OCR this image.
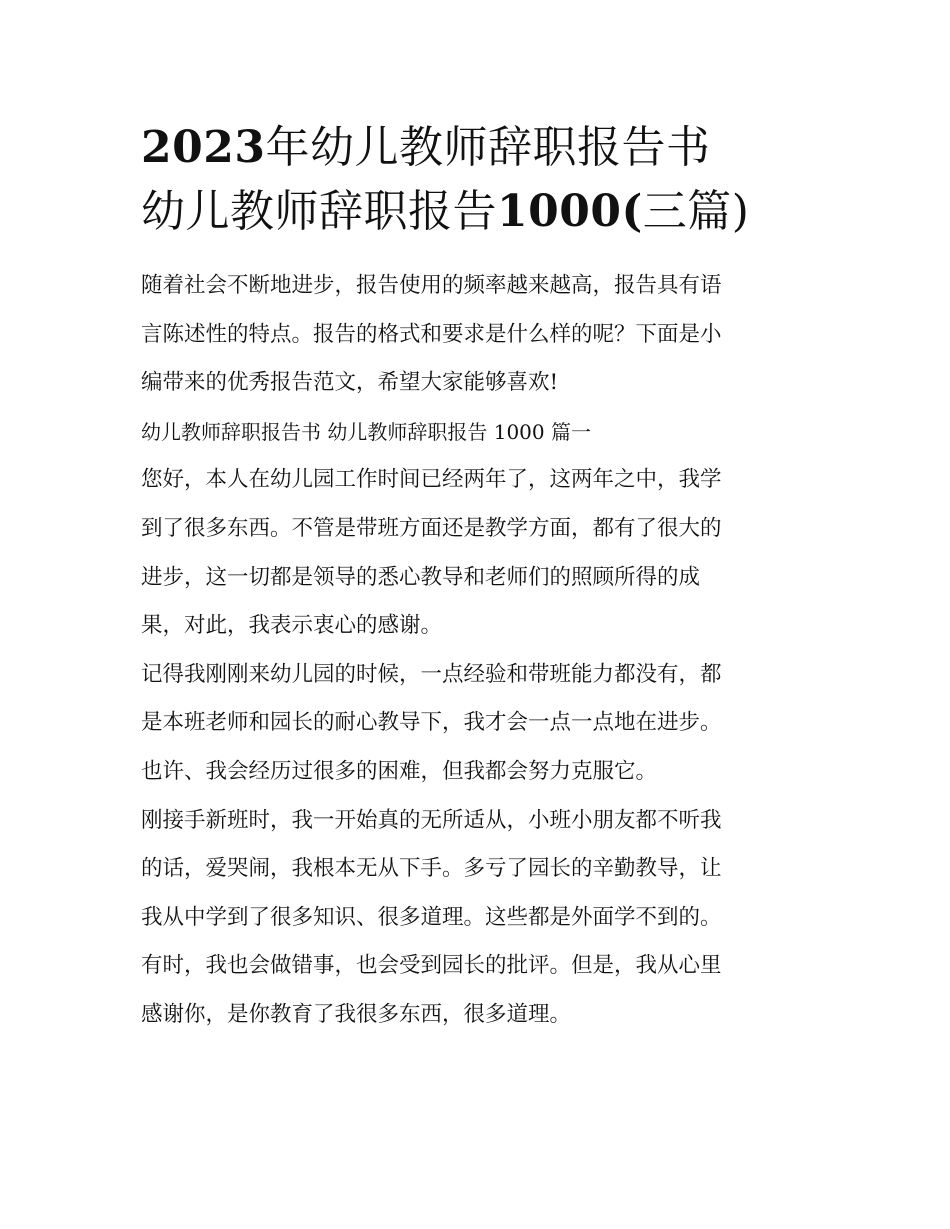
2023年幼儿教师辞职报告书
幼儿教师辞职报告1000(三篇)
随着社会不断地进步，报告使用的频率越来越高，报告具有语
言陈述性的特点。报告的格式和要求是什么样的呢？下面是小
编带来的优秀报告范文，希望大家能够喜欢!
幼儿教师辞职报告书 幼儿教师辞职报告 1000 篇一
您好，本人在幼儿园工作时间已经两年了，这两年之中，我学
到了很多东西。不管是带班方面还是教学方面，都有了很大的
进步，这一切都是领导的悉心教导和老师们的照顾所得的成
果，对此，我表示衷心的感谢。
记得我刚刚来幼儿园的时候，一点经验和带班能力都没有，都
是本班老师和园长的耐心教导下，我才会一点一点地在进步。
也许、我会经历过很多的困难，但我都会努力克服它。
刚接手新班时，我一开始真的无所适从，小班小朋友都不听我
的话，爱哭闹，我根本无从下手。多亏了园长的辛勤教导，让
我从中学到了很多知识、很多道理。这些都是外面学不到的。
有时，我也会做错事，也会受到园长的批评。但是，我从心里
感谢你，是你教育了我很多东西，很多道理。
